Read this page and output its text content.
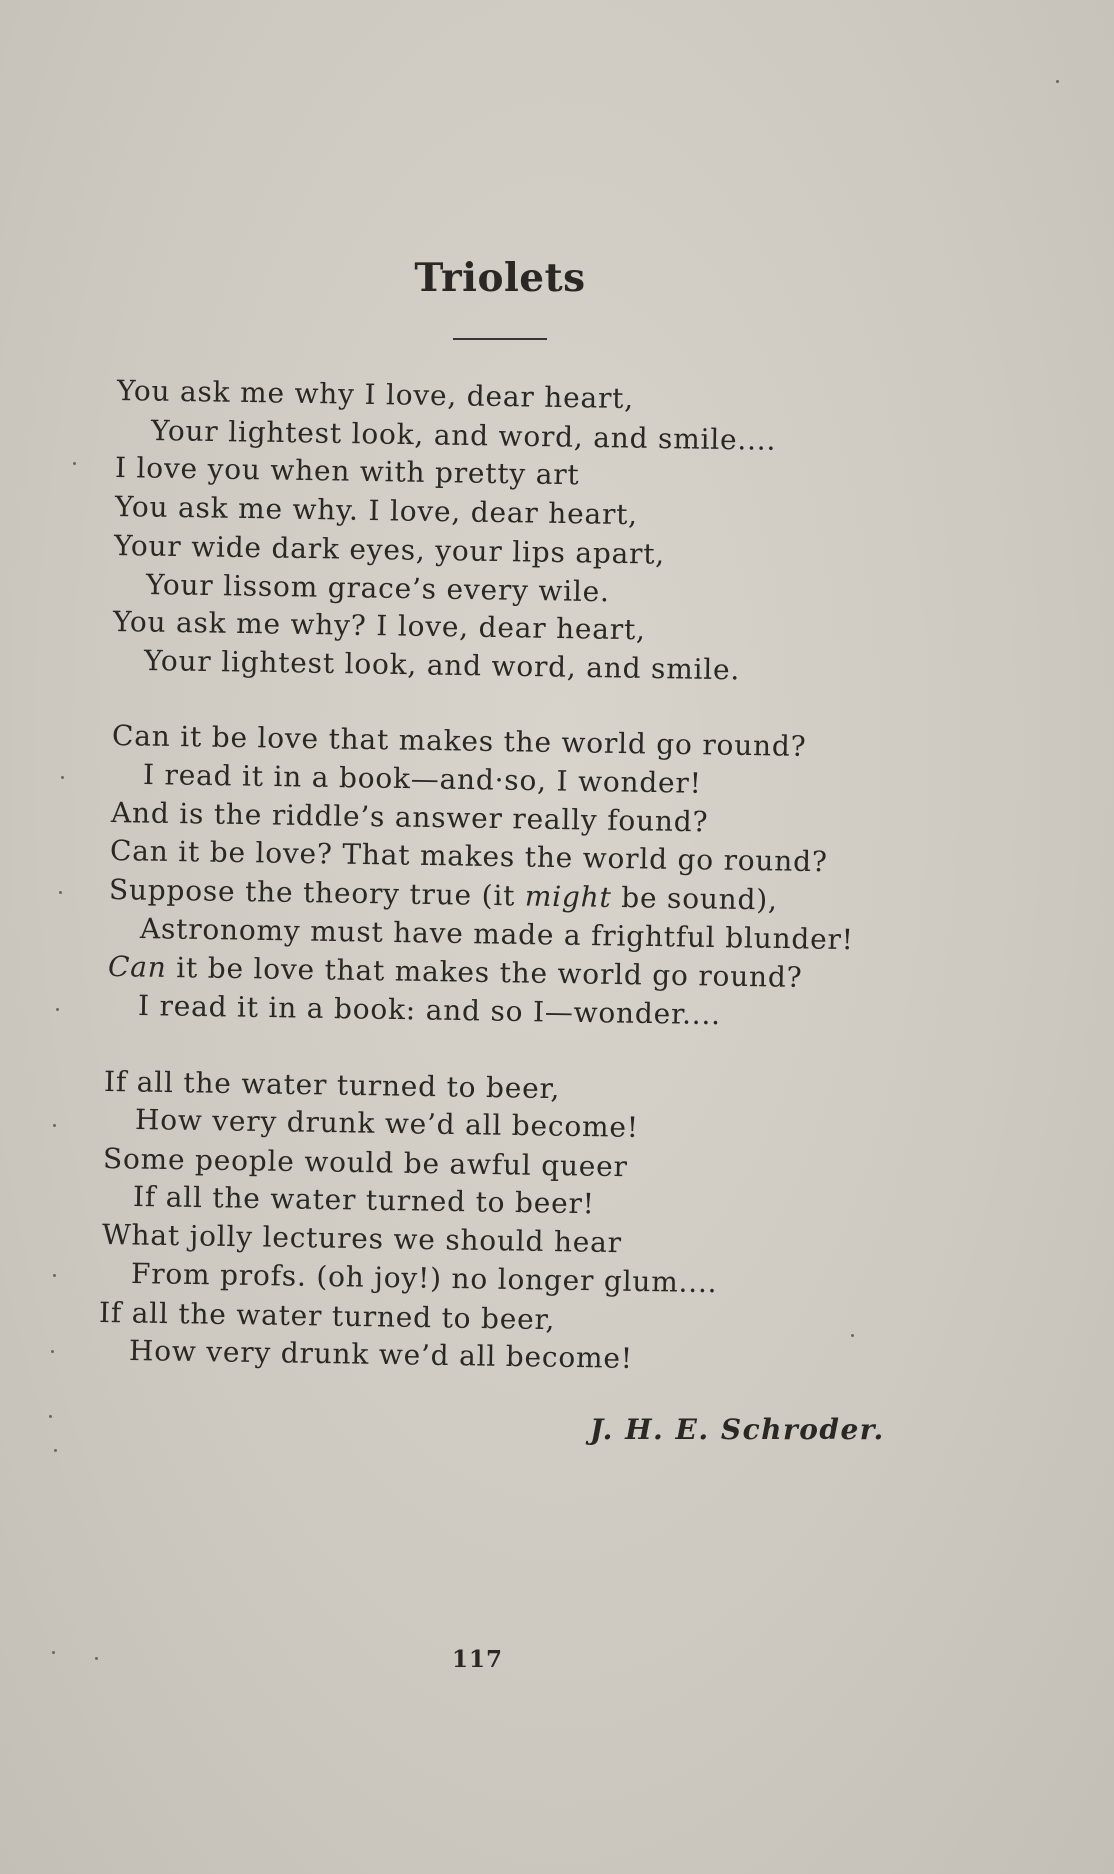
Triolets
You ask me why I love, dear heart,
Your lightest look, and word, and smile....
I love you when with pretty art
You ask me why. I love, dear heart,
Your wide dark eyes, your lips apart,
Your lissom grace’s every wile.
You ask me why? I love, dear heart,
Your lightest look, and word, and smile.
Can it be love that makes the world go round?
I read it in a book—and·so, I wonder!
And is the riddle’s answer really found?
Can it be love? That makes the world go round?
Suppose the theory true (it might be sound),
Astronomy must have made a frightful blunder!
Can it be love that makes the world go round?
I read it in a book: and so I—wonder....
If all the water turned to beer,
How very drunk we’d all become!
Some people would be awful queer
If all the water turned to beer!
What jolly lectures we should hear
From profs. (oh joy!) no longer glum....
If all the water turned to beer,
How very drunk we’d all become!
J. H. E. Schroder.
117
